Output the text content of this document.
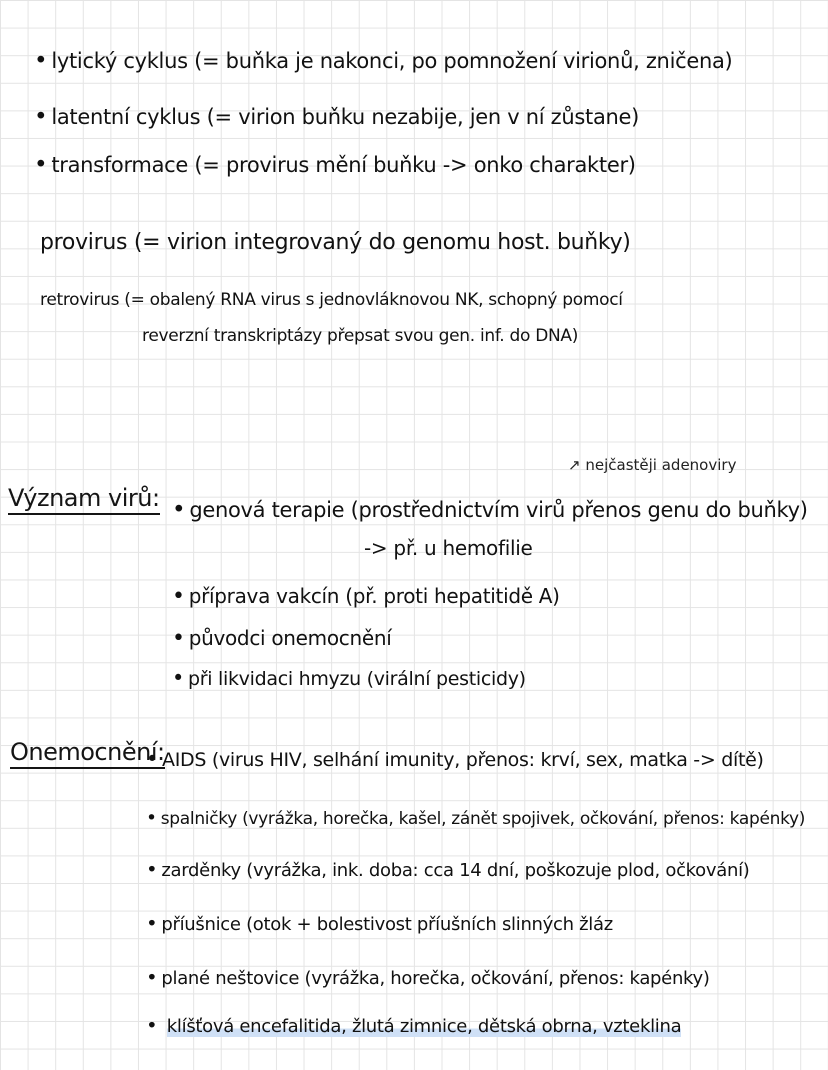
• lytický cyklus (= buňka je nakonci, po pomnožení virionů, zničena)
• latentní cyklus (= virion buňku nezabije, jen v ní zůstane)
• transformace (= provirus mění buňku -> onko charakter)
provirus (= virion integrovaný do genomu host. buňky)
retrovirus (= obalený RNA virus s jednovláknovou NK, schopný pomocí
reverzní transkriptázy přepsat svou gen. inf. do DNA)
↗ nejčastěji adenoviry
Význam virů:	• genová terapie (prostřednictvím virů přenos genu do buňky)
-> př. u hemofilie
• příprava vakcín (př. proti hepatitidě A)
• původci onemocnění
• při likvidaci hmyzu (virální pesticidy)
Onemocnění:
• AIDS (virus HIV, selhání imunity, přenos: krví, sex, matka -> dítě)
• spalničky (vyrážka, horečka, kašel, zánět spojivek, očkování, přenos: kapénky)
• zarděnky (vyrážka, ink. doba: cca 14 dní, poškozuje plod, očkování)
• příušnice (otok + bolestivost příušních slinných žláz
• plané neštovice (vyrážka, horečka, očkování, přenos: kapénky)
• klíšťová encefalitida, žlutá zimnice, dětská obrna, vzteklina
